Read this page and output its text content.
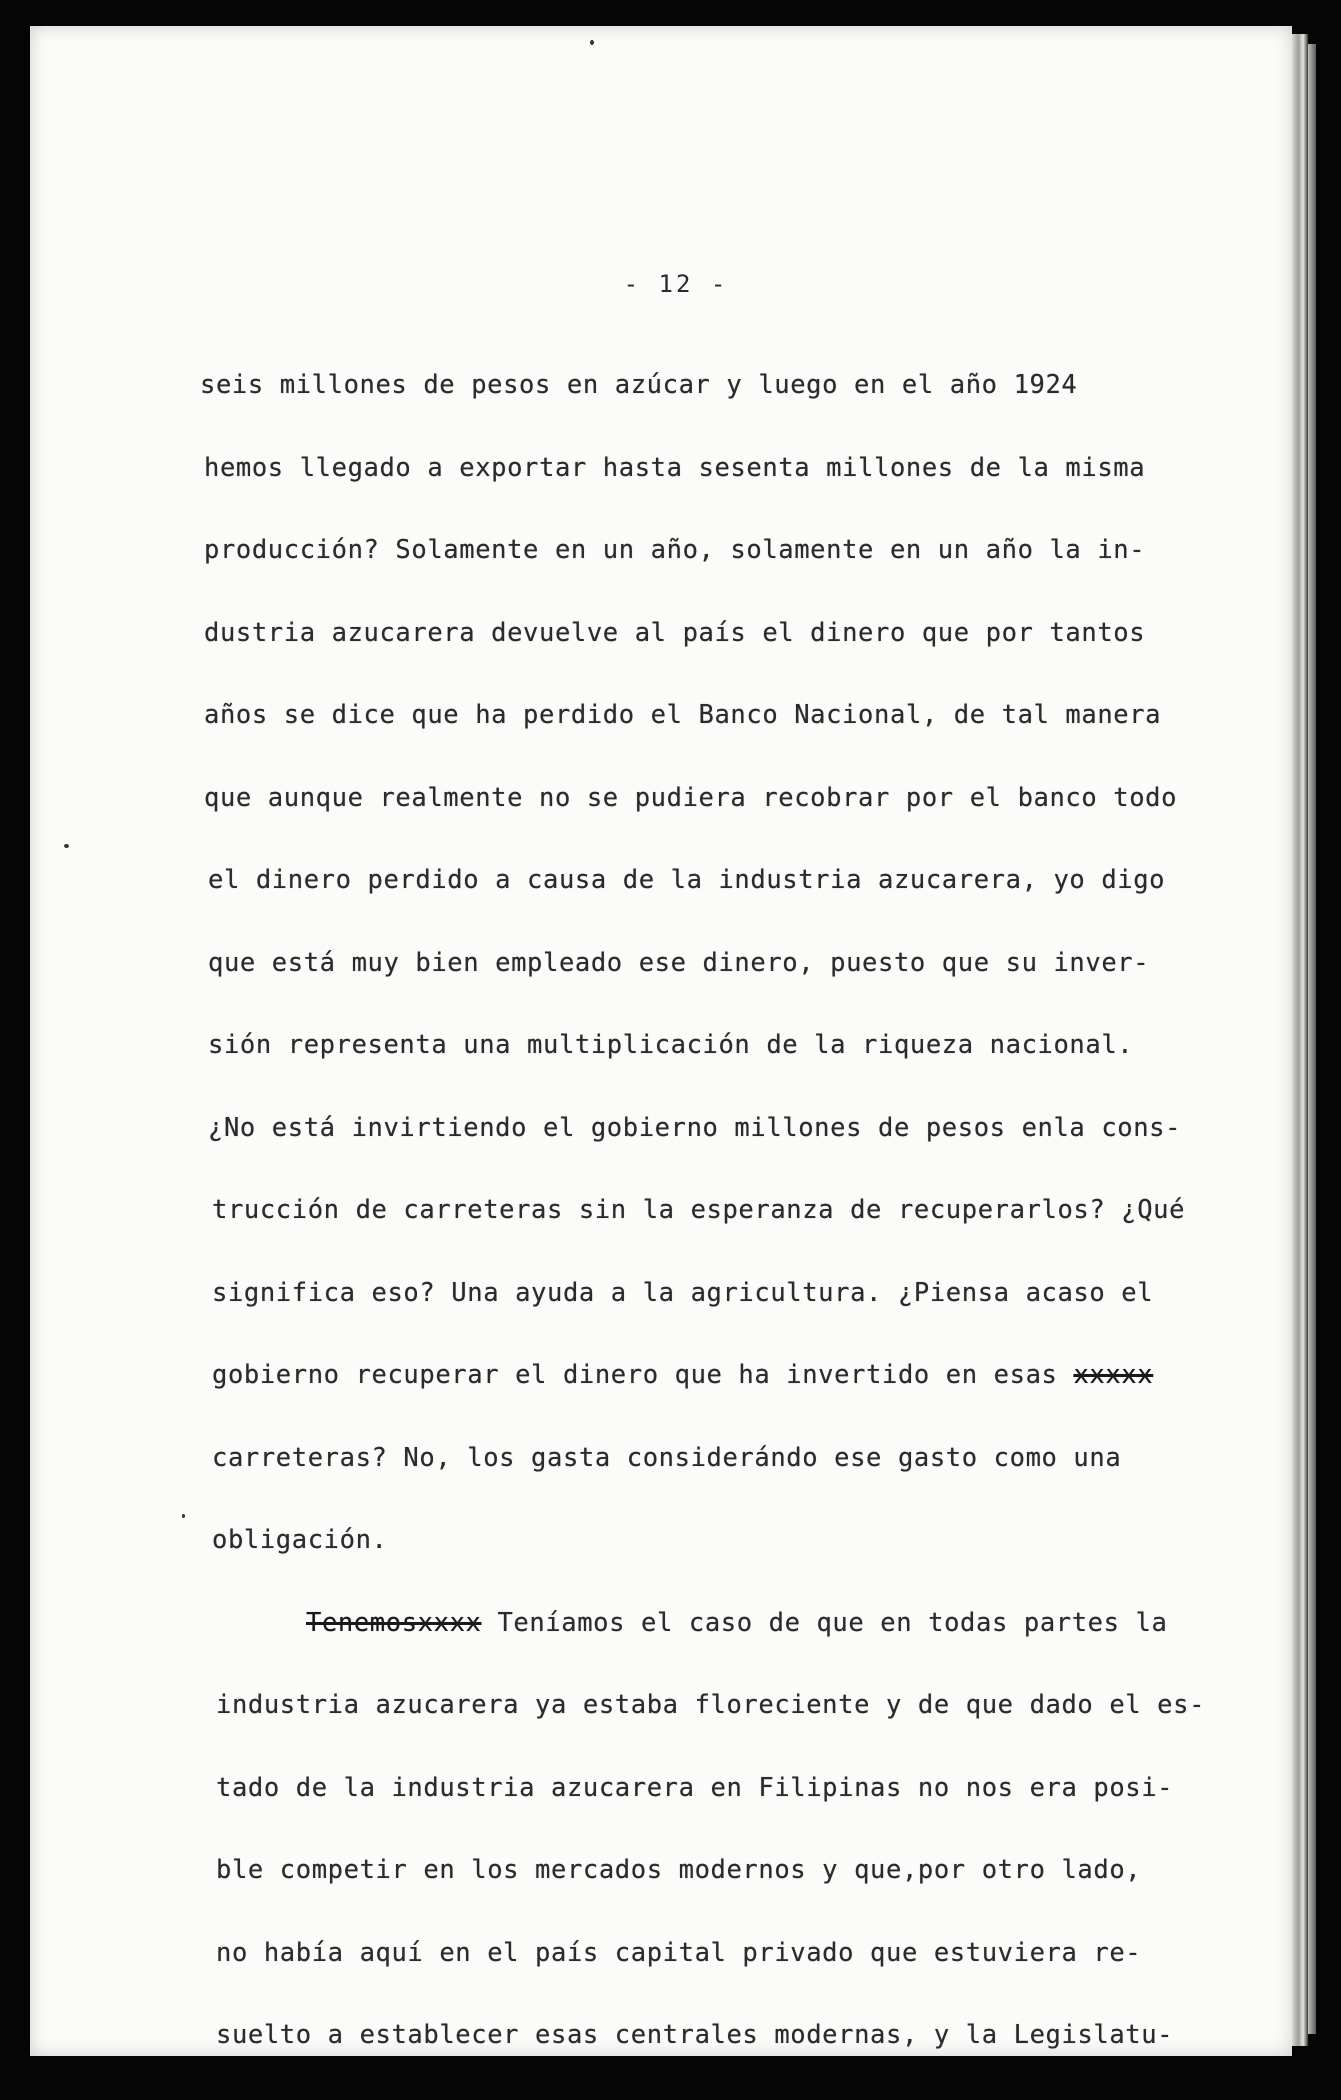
- 12 -
seis millones de pesos en azúcar y luego en el año 1924
hemos llegado a exportar hasta sesenta millones de la misma
producción? Solamente en un año, solamente en un año la in-
dustria azucarera devuelve al país el dinero que por tantos
años se dice que ha perdido el Banco Nacional, de tal manera
que aunque realmente no se pudiera recobrar por el banco todo
el dinero perdido a causa de la industria azucarera, yo digo
que está muy bien empleado ese dinero, puesto que su inver-
sión representa una multiplicación de la riqueza nacional.
¿No está invirtiendo el gobierno millones de pesos enla cons-
trucción de carreteras sin la esperanza de recuperarlos? ¿Qué
significa eso? Una ayuda a la agricultura. ¿Piensa acaso el
gobierno recuperar el dinero que ha invertido en esas xxxxx
carreteras? No, los gasta considerándo ese gasto como una
obligación.
Tenemosxxxx Teníamos el caso de que en todas partes la
industria azucarera ya estaba floreciente y de que dado el es-
tado de la industria azucarera en Filipinas no nos era posi-
ble competir en los mercados modernos y que,por otro lado,
no había aquí en el país capital privado que estuviera re-
suelto a establecer esas centrales modernas, y la Legislatu-
